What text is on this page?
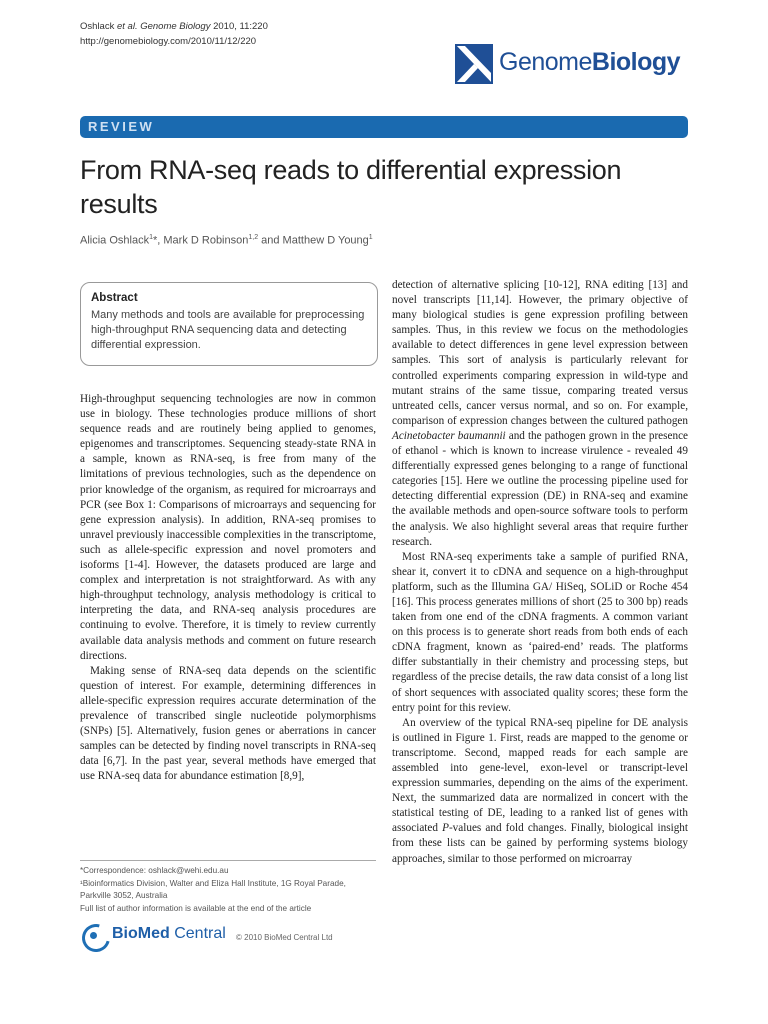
Oshlack et al. Genome Biology 2010, 11:220
http://genomebiology.com/2010/11/12/220
GenomeBiology
REVIEW
From RNA-seq reads to differential expression results
Alicia Oshlack$^1$*, Mark D Robinson$^{1,2}$ and Matthew D Young$^1$
Abstract
Many methods and tools are available for preprocessing high-throughput RNA sequencing data and detecting differential expression.

High-throughput sequencing technologies are now in common use in biology. These technologies produce millions of short sequence reads and are routinely being applied to genomes, epigenomes and transcriptomes. Sequencing steady-state RNA in a sample, known as RNA-seq, is free from many of the limitations of previous technologies, such as the dependence on prior knowledge of the organism, as required for microarrays and PCR (see Box 1: Comparisons of microarrays and sequencing for gene expression analysis). In addition, RNA-seq promises to unravel previously inaccessible complexities in the transcriptome, such as allele-specific expression and novel promoters and isoforms [1-4]. However, the datasets produced are large and complex and interpretation is not straightforward. As with any high-throughput technology, analysis methodology is critical to interpreting the data, and RNA-seq analysis procedures are continuing to evolve. Therefore, it is timely to review currently available data analysis methods and comment on future research directions.

Making sense of RNA-seq data depends on the scientific question of interest. For example, determining differences in allele-specific expression requires accurate determination of the prevalence of transcribed single nucleotide polymorphisms (SNPs) [5]. Alternatively, fusion genes or aberrations in cancer samples can be detected by finding novel transcripts in RNA-seq data [6,7]. In the past year, several methods have emerged that use RNA-seq data for abundance estimation [8,9],

detection of alternative splicing [10-12], RNA editing [13] and novel transcripts [11,14]. However, the primary objective of many biological studies is gene expression profiling between samples. Thus, in this review we focus on the methodologies available to detect differences in gene level expression between samples. This sort of analysis is particularly relevant for controlled experiments comparing expression in wild-type and mutant strains of the same tissue, comparing treated versus untreated cells, cancer versus normal, and so on. For example, comparison of expression changes between the cultured pathogen Acinetobacter baumannii and the pathogen grown in the presence of ethanol - which is known to increase virulence - revealed 49 differentially expressed genes belonging to a range of functional categories [15]. Here we outline the processing pipeline used for detecting differential expression (DE) in RNA-seq and examine the available methods and open-source software tools to perform the analysis. We also highlight several areas that require further research.

Most RNA-seq experiments take a sample of purified RNA, shear it, convert it to cDNA and sequence on a high-throughput platform, such as the Illumina GA/ HiSeq, SOLiD or Roche 454 [16]. This process generates millions of short (25 to 300 bp) reads taken from one end of the cDNA fragments. A common variant on this process is to generate short reads from both ends of each cDNA fragment, known as ‘paired-end’ reads. The platforms differ substantially in their chemistry and processing steps, but regardless of the precise details, the raw data consist of a long list of short sequences with associated quality scores; these form the entry point for this review.

An overview of the typical RNA-seq pipeline for DE analysis is outlined in Figure 1. First, reads are mapped to the genome or transcriptome. Second, mapped reads for each sample are assembled into gene-level, exon-level or transcript-level expression summaries, depending on the aims of the experiment. Next, the summarized data are normalized in concert with the statistical testing of DE, leading to a ranked list of genes with associated P-values and fold changes. Finally, biological insight from these lists can be gained by performing systems biology approaches, similar to those performed on microarray

*Correspondence: oshlack@wehi.edu.au
¹Bioinformatics Division, Walter and Eliza Hall Institute, 1G Royal Parade, Parkville 3052, Australia
Full list of author information is available at the end of the article
BioMed Central © 2010 BioMed Central Ltd
